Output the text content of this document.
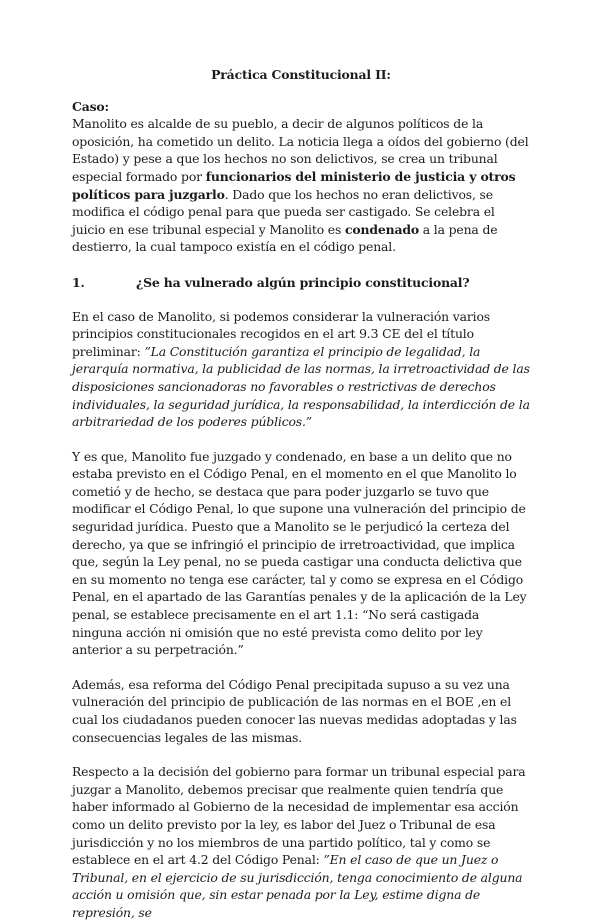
Práctica Constitucional II:

Caso:

Manolito es alcalde de su pueblo, a decir de algunos políticos de la oposición, ha cometido un delito. La noticia llega a oídos del gobierno (del Estado) y pese a que los hechos no son delictivos, se crea un tribunal especial formado por funcionarios del ministerio de justicia y otros políticos para juzgarlo. Dado que los hechos no eran delictivos, se modifica el código penal para que pueda ser castigado. Se celebra el juicio en ese tribunal especial y Manolito es condenado a la pena de destierro, la cual tampoco existía en el código penal.

1.	¿Se ha vulnerado algún principio constitucional?

En el caso de Manolito, si podemos considerar la vulneración varios principios constitucionales recogidos en el art 9.3 CE del el título preliminar: ”La Constitución garantiza el principio de legalidad, la jerarquía normativa, la publicidad de las normas, la irretroactividad de las disposiciones sancionadoras no favorables o restrictivas de derechos individuales, la seguridad jurídica, la responsabilidad, la interdicción de la arbitrariedad de los poderes públicos.”

Y es que, Manolito fue juzgado y condenado, en base a un delito que no estaba previsto en el Código Penal, en el momento en el que Manolito lo cometió y de hecho, se destaca que para poder juzgarlo se tuvo que modificar el Código Penal, lo que supone una vulneración del principio de seguridad jurídica. Puesto que a Manolito se le perjudicó la certeza del derecho, ya que se infringió el principio de irretroactividad, que implica que, según la Ley penal, no se pueda castigar una conducta delictiva que en su momento no tenga ese carácter, tal y como se expresa en el Código Penal, en el apartado de las Garantías penales y de la aplicación de la Ley penal, se establece precisamente en el art 1.1: “No será castigada ninguna acción ni omisión que no esté prevista como delito por ley anterior a su perpetración.”

Además, esa reforma del Código Penal precipitada supuso a su vez una vulneración del principio de publicación de las normas en el BOE ,en el cual los ciudadanos pueden conocer las nuevas medidas adoptadas y las consecuencias legales de las mismas.

Respecto a la decisión del gobierno para formar un tribunal especial para juzgar a Manolito, debemos precisar que realmente quien tendría que haber informado al Gobierno de la necesidad de implementar esa acción como un delito previsto por la ley, es labor del Juez o Tribunal de esa jurisdicción y no los miembros de una partido político, tal y como se establece en el art 4.2 del Código Penal: ”En el caso de que un Juez o Tribunal, en el ejercicio de su jurisdicción, tenga conocimiento de alguna acción u omisión que, sin estar penada por la Ley, estime digna de represión, se
